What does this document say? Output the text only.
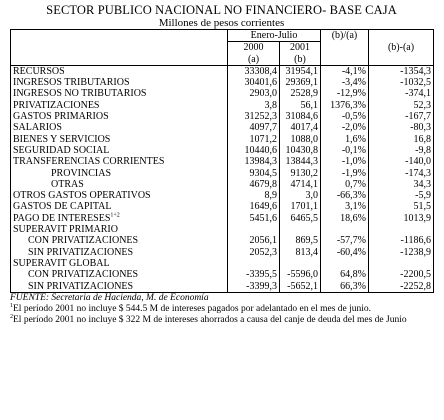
SECTOR PUBLICO NACIONAL NO FINANCIERO- BASE CAJA
Millones de pesos corrientes
	Enero-Julio		(b)/(a)	
	2000	2001		(b)-(a)
	(a)	(b)		
RECURSOS	33308,4	31954,1	-4,1%	-1354,3
INGRESOS TRIBUTARIOS	30401,6	29369,1	-3,4%	-1032,5
INGRESOS NO TRIBUTARIOS	2903,0	2528,9	-12,9%	-374,1
PRIVATIZACIONES	3,8	56,1	1376,3%	52,3
GASTOS PRIMARIOS	31252,3	31084,6	-0,5%	-167,7
SALARIOS	4097,7	4017,4	-2,0%	-80,3
BIENES Y SERVICIOS	1071,2	1088,0	1,6%	16,8
SEGURIDAD SOCIAL	10440,6	10430,8	-0,1%	-9,8
TRANSFERENCIAS CORRIENTES	13984,3	13844,3	-1,0%	-140,0
PROVINCIAS	9304,5	9130,2	-1,9%	-174,3
OTRAS	4679,8	4714,1	0,7%	34,3
OTROS GASTOS OPERATIVOS	8,9	3,0	-66,3%	-5,9
GASTOS DE CAPITAL	1649,6	1701,1	3,1%	51,5
PAGO DE $INTERESES^{1+2}$	5451,6	6465,5	18,6%	1013,9
SUPERAVIT PRIMARIO				
CON PRIVATIZACIONES	2056,1	869,5	-57,7%	-1186,6
SIN PRIVATIZACIONES	2052,3	813,4	-60,4%	-1238,9
SUPERAVIT GLOBAL				
CON PRIVATIZACIONES	-3395,5	-5596,0	64,8%	-2200,5
SIN PRIVATIZACIONES	-3399,3	-5652,1	66,3%	-2252,8
FUENTE: Secretaria de Hacienda, M. de Economía
$^1$El período 2001 no incluye $ 544.5 M de intereses pagados por adelantado en el mes de junio.
$^2$El período 2001 no incluye $ 322 M de intereses ahorrados a causa del canje de deuda del mes de Junio
